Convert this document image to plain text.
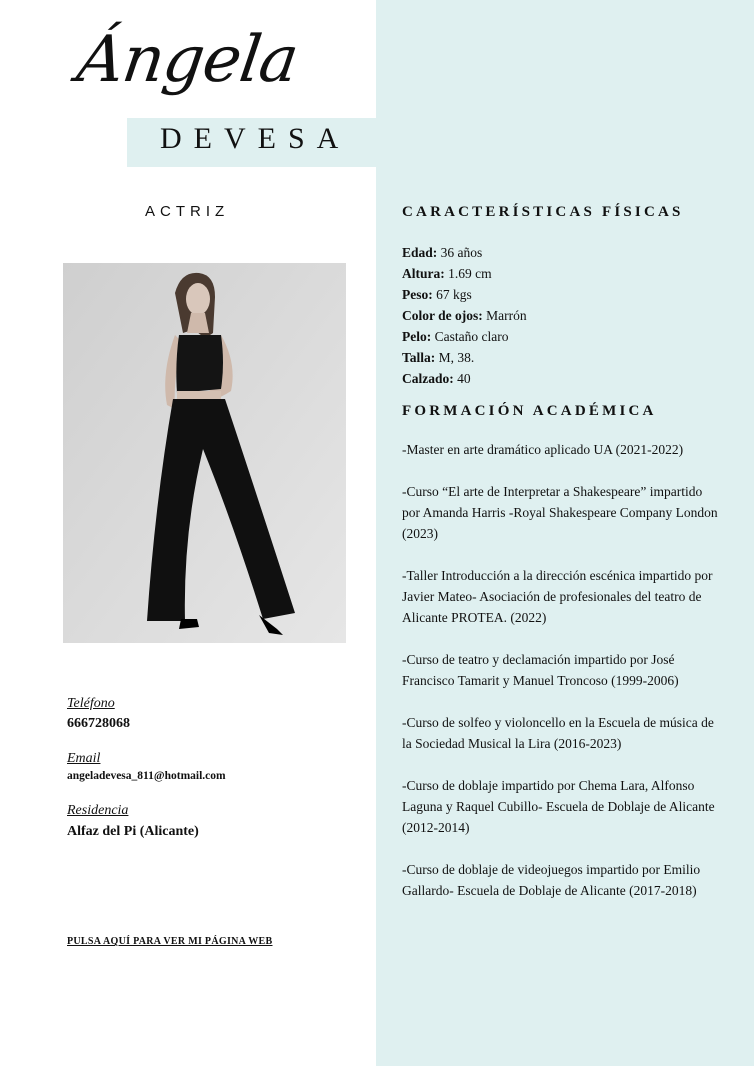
Ángela
DEVESA
ACTRIZ
Teléfono
666728068
Email
angeladevesa_811@hotmail.com
Residencia
Alfaz del Pi (Alicante)
PULSA AQUÍ PARA VER MI PÁGINA WEB
CARACTERÍSTICAS FÍSICAS
Edad: 36 años
Altura: 1.69 cm
Peso: 67 kgs
Color de ojos: Marrón
Pelo: Castaño claro
Talla: M, 38.
Calzado: 40
FORMACIÓN ACADÉMICA
-Master en arte dramático aplicado UA (2021-2022)
-Curso “El arte de Interpretar a Shakespeare” impartido por Amanda Harris -Royal Shakespeare Company London (2023)
-Taller Introducción a la dirección escénica impartido por Javier Mateo- Asociación de profesionales del teatro de Alicante PROTEA. (2022)
-Curso de teatro y declamación impartido por José Francisco Tamarit y Manuel Troncoso (1999-2006)
-Curso de solfeo y violoncello en la Escuela de música de la Sociedad Musical la Lira (2016-2023)
-Curso de doblaje impartido por Chema Lara, Alfonso Laguna y Raquel Cubillo- Escuela de Doblaje de Alicante (2012-2014)
-Curso de doblaje de videojuegos impartido por Emilio Gallardo- Escuela de Doblaje de Alicante (2017-2018)
